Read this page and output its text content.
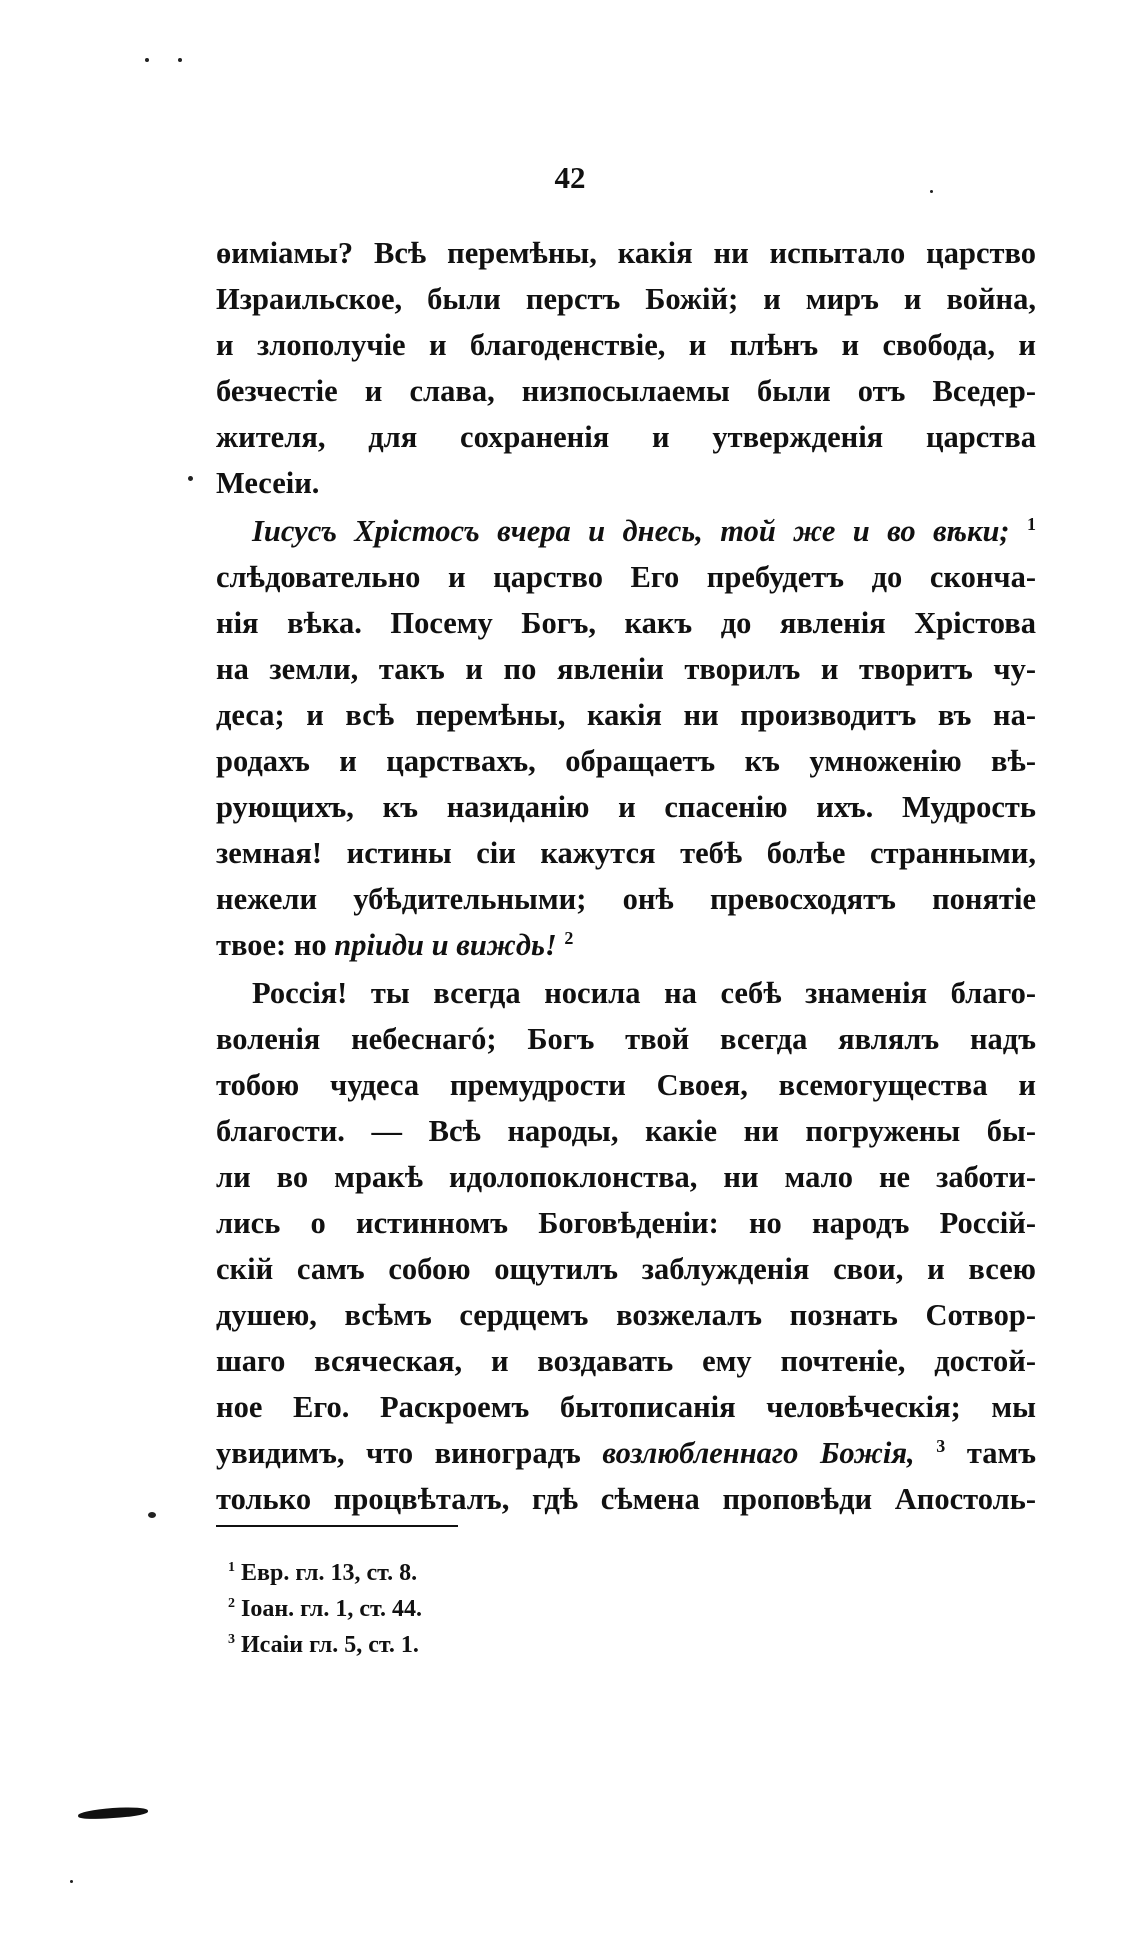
42
өиміамы? Всѣ перемѣны, какія ни испытало царство
Израильское, были перстъ Божій; и миръ и война,
и злополучіе и благоденствіе, и плѣнъ и свобода, и
безчестіе и слава, низпосылаемы были отъ Вседер-
жителя, для сохраненія и утвержденія царства
Месеіи.
Іисусъ Хрістосъ вчера и днесь, той же и во вѣки; $^1$
слѣдовательно и царство Его пребудетъ до сконча-
нія вѣка. Посему Богъ, какъ до явленія Хрістова
на земли, такъ и по явленіи творилъ и творитъ чу-
деса; и всѣ перемѣны, какія ни производитъ въ на-
родахъ и царствахъ, обращаетъ къ умноженію вѣ-
рующихъ, къ назиданію и спасенію ихъ. Мудрость
земная! истины сіи кажутся тебѣ болѣе странными,
нежели убѣдительными; онѣ превосходятъ понятіе
твое: но пріиди и виждь! $^2$
Россія! ты всегда носила на себѣ знаменія благо-
воленія небеснагó; Богъ твой всегда являлъ надъ
тобою чудеса премудрости Своея, всемогущества и
благости. — Всѣ народы, какіе ни погружены бы-
ли во мракѣ идолопоклонства, ни мало не заботи-
лись о истинномъ Боговѣденіи: но народъ Россій-
скій самъ собою ощутилъ заблужденія свои, и всею
душею, всѣмъ сердцемъ возжелалъ познать Сотвор-
шаго всяческая, и воздавать ему почтеніе, достой-
ное Его. Раскроемъ бытописанія человѣческія; мы
увидимъ, что виноградъ возлюбленнаго Божія, $^3$ тамъ
только процвѣталъ, гдѣ сѣмена проповѣди Апостоль-
$^1$ Евр. гл. 13, ст. 8.
$^2$ Іоан. гл. 1, ст. 44.
$^3$ Исаіи гл. 5, ст. 1.
